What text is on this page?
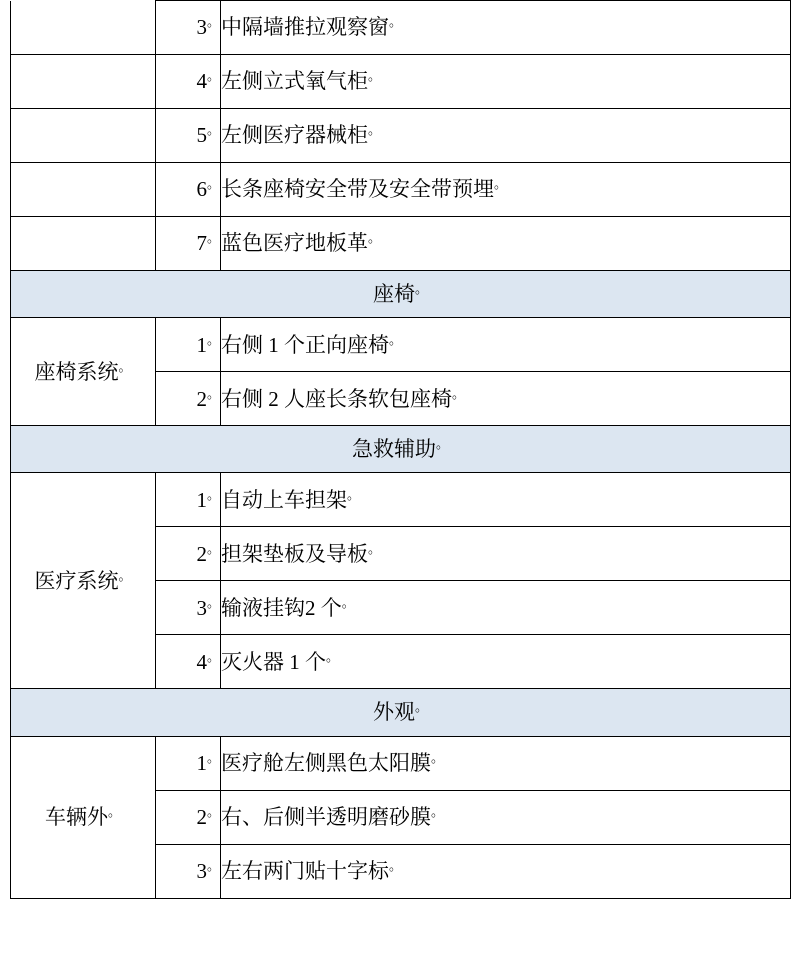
	3。	中隔墙推拉观察窗。
	4。	左侧立式氧气柜。
	5。	左侧医疗器械柜。
	6。	长条座椅安全带及安全带预埋。
	7。	蓝色医疗地板革。
座椅。
座椅系统。	1。	右侧 1 个正向座椅。
	2。	右侧 2 人座长条软包座椅。
急救辅助。
医疗系统。	1。	自动上车担架。
	2。	担架垫板及导板。
	3。	输液挂钩2 个。
	4。	灭火器 1 个。
外观。
车辆外。	1。	医疗舱左侧黑色太阳膜。
	2。	右、后侧半透明磨砂膜。
	3。	左右两门贴十字标。
